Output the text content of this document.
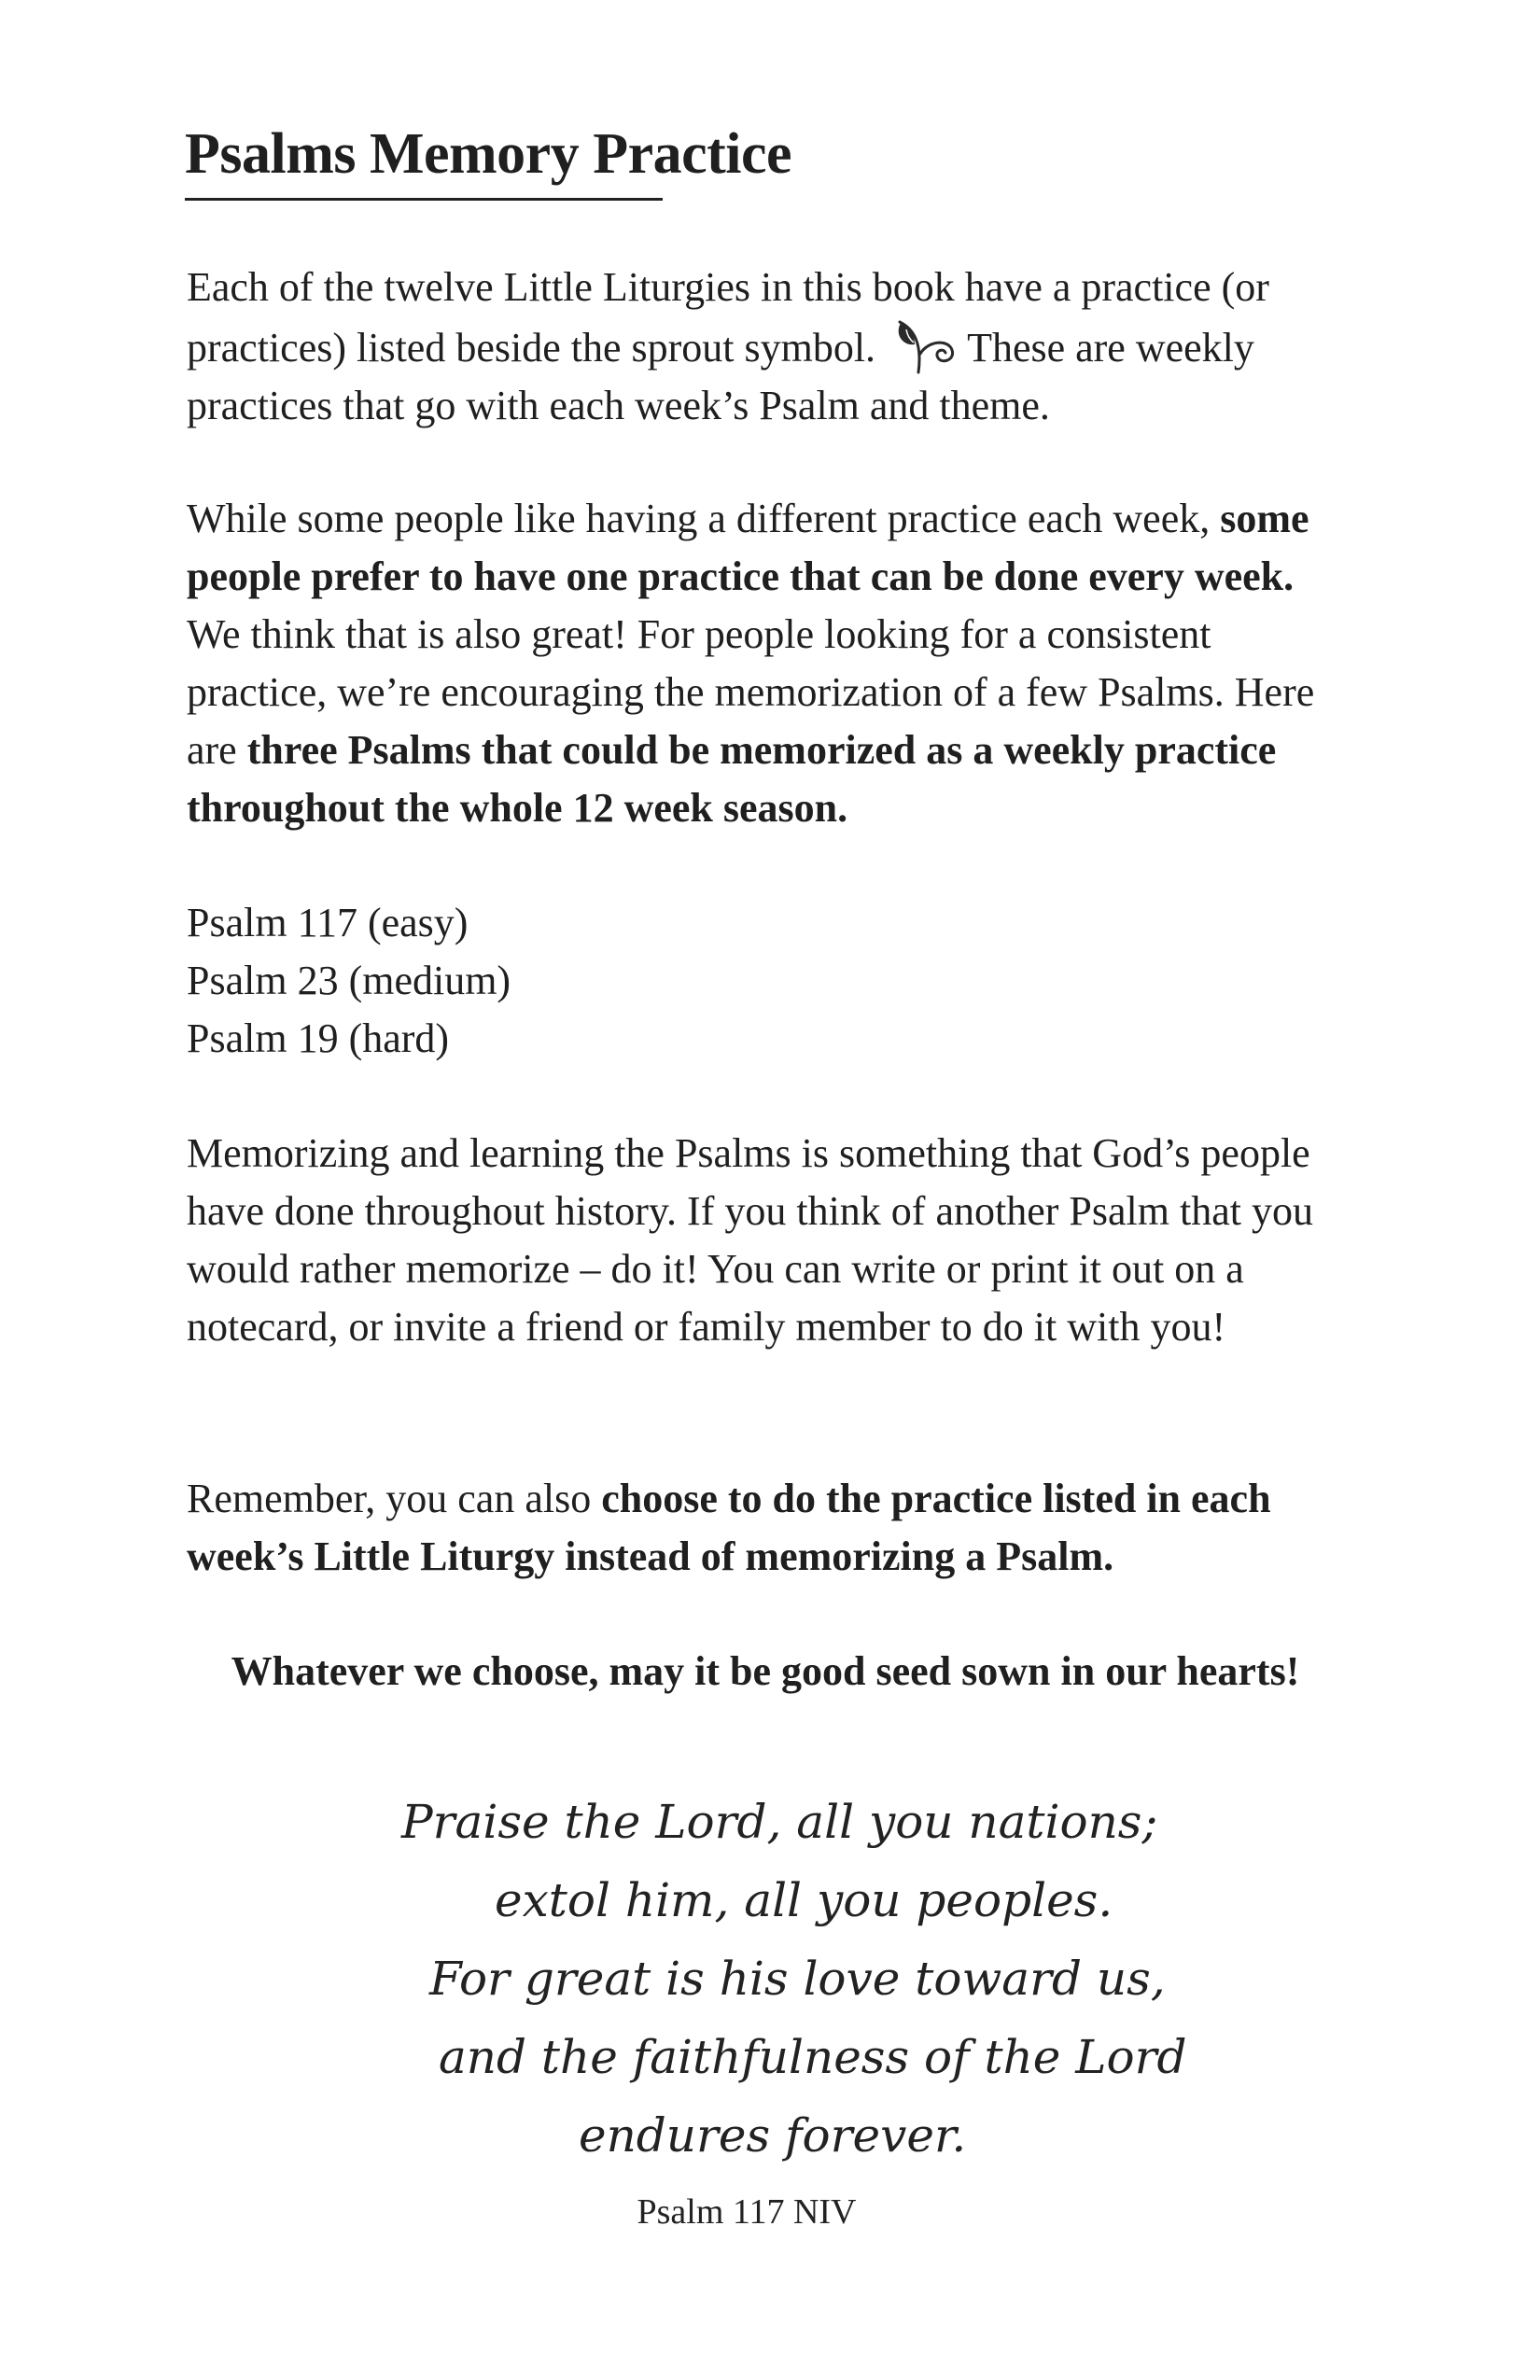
Psalms Memory Practice

Each of the twelve Little Liturgies in this book have a practice (or practices) listed beside the sprout symbol. These are weekly practices that go with each week’s Psalm and theme.

While some people like having a different practice each week, some people prefer to have one practice that can be done every week. We think that is also great! For people looking for a consistent practice, we’re encouraging the memorization of a few Psalms. Here are three Psalms that could be memorized as a weekly practice throughout the whole 12 week season.

Psalm 117 (easy)
Psalm 23 (medium)
Psalm 19 (hard)

Memorizing and learning the Psalms is something that God’s people have done throughout history. If you think of another Psalm that you would rather memorize – do it! You can write or print it out on a notecard, or invite a friend or family member to do it with you!

Remember, you can also choose to do the practice listed in each week’s Little Liturgy instead of memorizing a Psalm.

Whatever we choose, may it be good seed sown in our hearts!

Praise the Lord, all you nations;
extol him, all you peoples.
For great is his love toward us,
and the faithfulness of the Lord
endures forever.

Psalm 117 NIV
